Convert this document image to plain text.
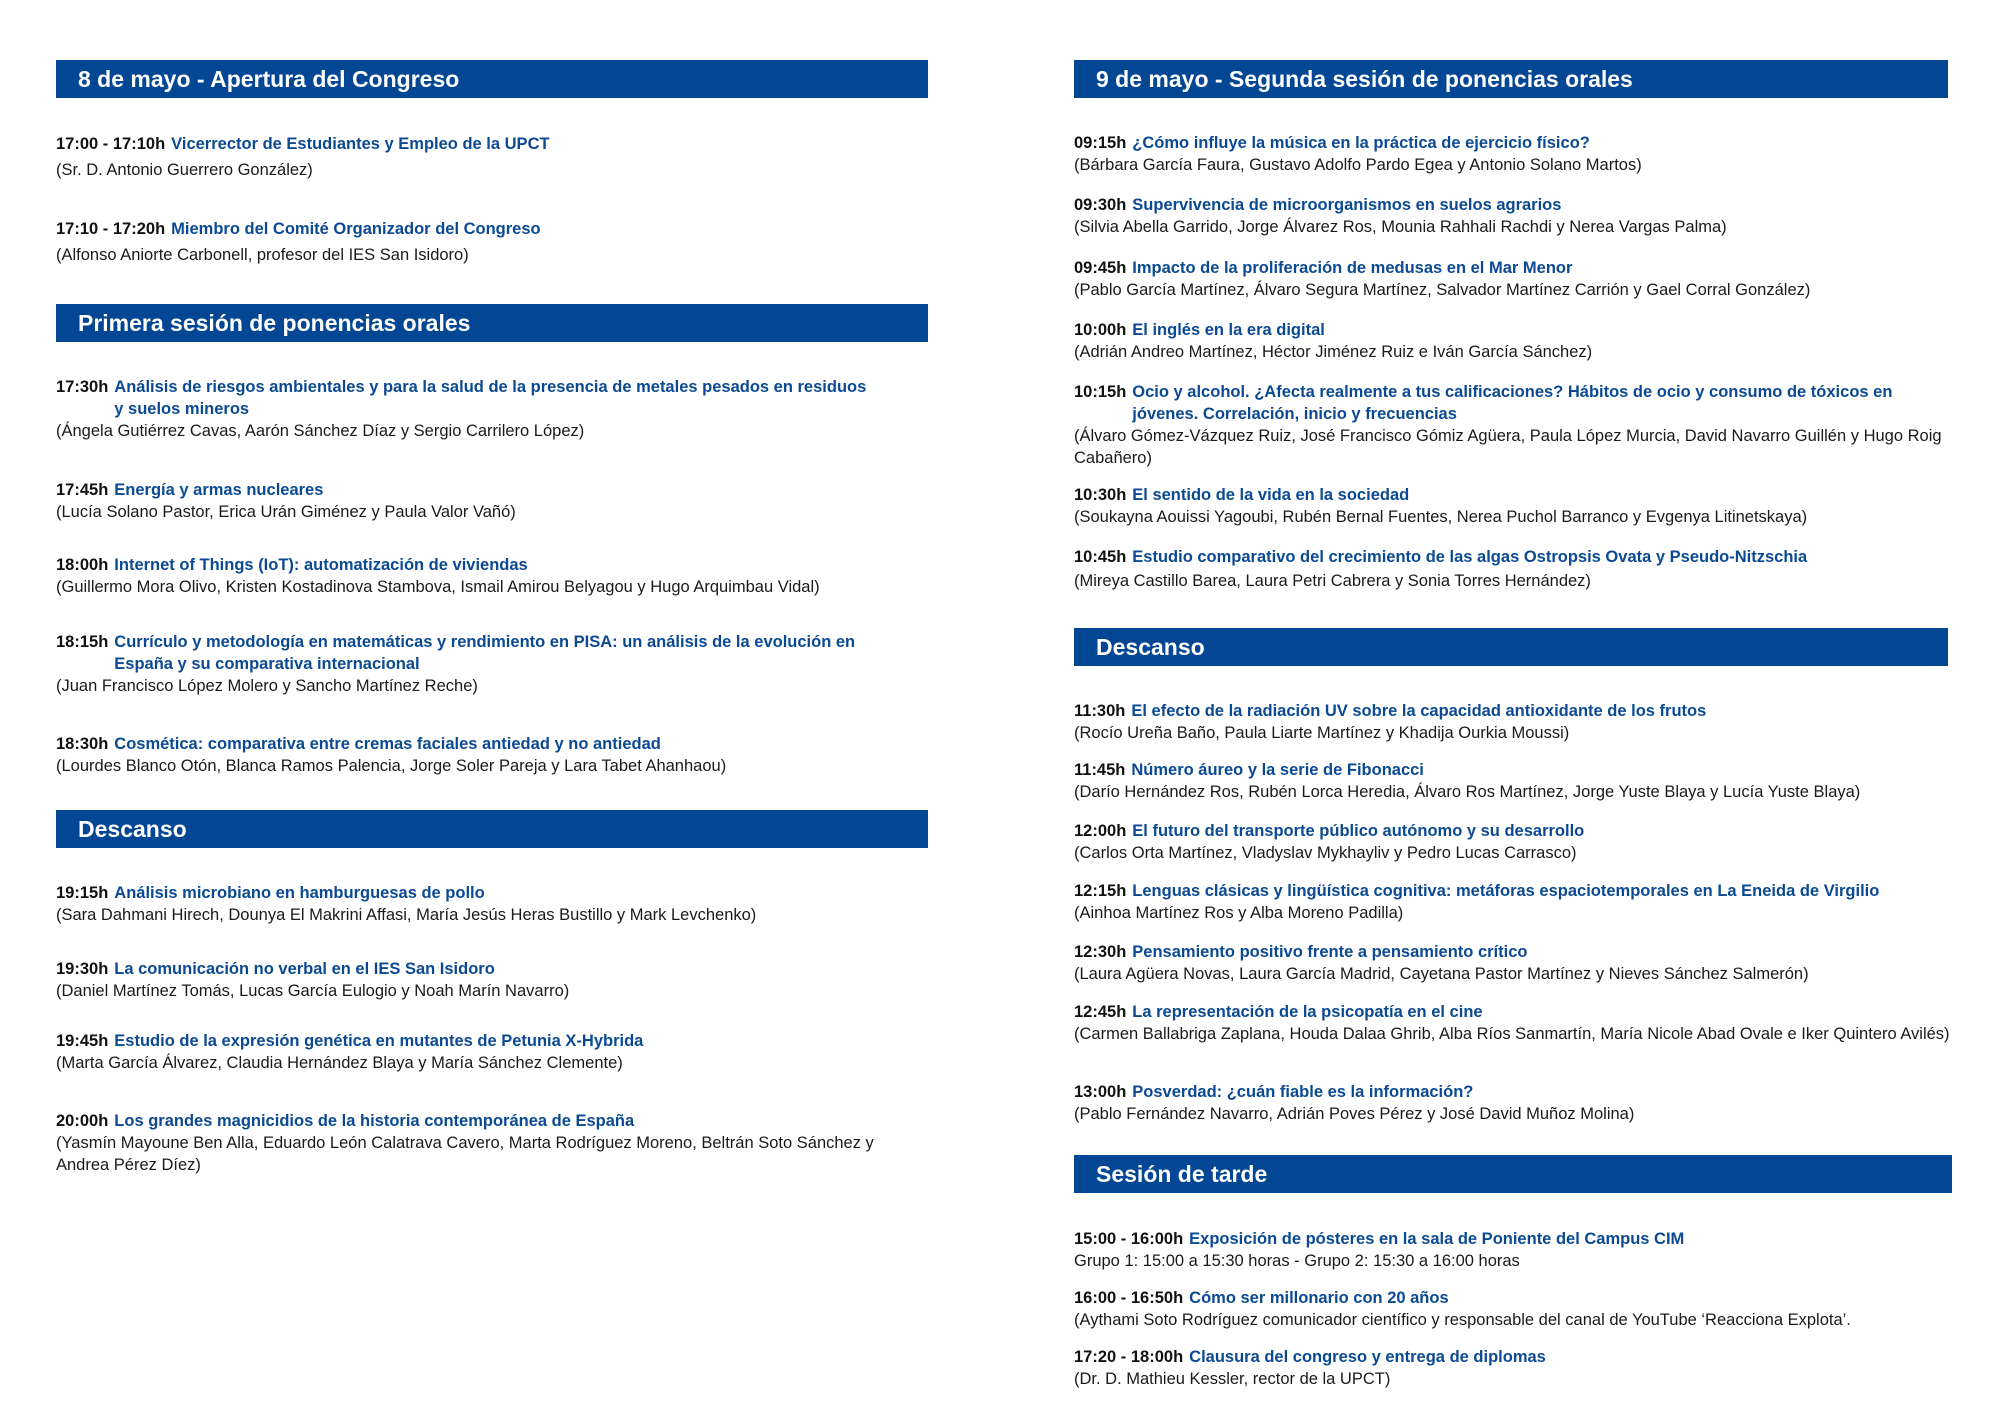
8 de mayo - Apertura del Congreso
17:00 - 17:10h Vicerrector de Estudiantes y Empleo de la UPCT
(Sr. D. Antonio Guerrero González)
17:10 - 17:20h Miembro del Comité Organizador del Congreso
(Alfonso Aniorte Carbonell, profesor del IES San Isidoro)
Primera sesión de ponencias orales
17:30h Análisis de riesgos ambientales y para la salud de la presencia de metales pesados en residuos y suelos mineros
(Ángela Gutiérrez Cavas, Aarón Sánchez Díaz y Sergio Carrilero López)
17:45h Energía y armas nucleares
(Lucía Solano Pastor, Erica Urán Giménez y Paula Valor Vañó)
18:00h Internet of Things (IoT): automatización de viviendas
(Guillermo Mora Olivo, Kristen Kostadinova Stambova, Ismail Amirou Belyagou y Hugo Arquimbau Vidal)
18:15h Currículo y metodología en matemáticas y rendimiento en PISA: un análisis de la evolución en España y su comparativa internacional
(Juan Francisco López Molero y Sancho Martínez Reche)
18:30h Cosmética: comparativa entre cremas faciales antiedad y no antiedad
(Lourdes Blanco Otón, Blanca Ramos Palencia, Jorge Soler Pareja y Lara Tabet Ahanhaou)
Descanso
19:15h Análisis microbiano en hamburguesas de pollo
(Sara Dahmani Hirech, Dounya El Makrini Affasi, María Jesús Heras Bustillo y Mark Levchenko)
19:30h La comunicación no verbal en el IES San Isidoro
(Daniel Martínez Tomás, Lucas García Eulogio y Noah Marín Navarro)
19:45h Estudio de la expresión genética en mutantes de Petunia X-Hybrida
(Marta García Álvarez, Claudia Hernández Blaya y María Sánchez Clemente)
20:00h Los grandes magnicidios de la historia contemporánea de España
(Yasmín Mayoune Ben Alla, Eduardo León Calatrava Cavero, Marta Rodríguez Moreno, Beltrán Soto Sánchez y Andrea Pérez Díez)
9 de mayo - Segunda sesión de ponencias orales
09:15h ¿Cómo influye la música en la práctica de ejercicio físico?
(Bárbara García Faura, Gustavo Adolfo Pardo Egea y Antonio Solano Martos)
09:30h Supervivencia de microorganismos en suelos agrarios
(Silvia Abella Garrido, Jorge Álvarez Ros, Mounia Rahhali Rachdi y Nerea Vargas Palma)
09:45h Impacto de la proliferación de medusas en el Mar Menor
(Pablo García Martínez, Álvaro Segura Martínez, Salvador Martínez Carrión y Gael Corral González)
10:00h El inglés en la era digital
(Adrián Andreo Martínez, Héctor Jiménez Ruiz e Iván García Sánchez)
10:15h Ocio y alcohol. ¿Afecta realmente a tus calificaciones? Hábitos de ocio y consumo de tóxicos en jóvenes. Correlación, inicio y frecuencias
(Álvaro Gómez-Vázquez Ruiz, José Francisco Gómiz Agüera, Paula López Murcia, David Navarro Guillén y Hugo Roig Cabañero)
10:30h El sentido de la vida en la sociedad
(Soukayna Aouissi Yagoubi, Rubén Bernal Fuentes, Nerea Puchol Barranco y Evgenya Litinetskaya)
10:45h Estudio comparativo del crecimiento de las algas Ostropsis Ovata y Pseudo-Nitzschia
(Mireya Castillo Barea, Laura Petri Cabrera y Sonia Torres Hernández)
Descanso
11:30h El efecto de la radiación UV sobre la capacidad antioxidante de los frutos
(Rocío Ureña Baño, Paula Liarte Martínez y Khadija Ourkia Moussi)
11:45h Número áureo y la serie de Fibonacci
(Darío Hernández Ros, Rubén Lorca Heredia, Álvaro Ros Martínez, Jorge Yuste Blaya y Lucía Yuste Blaya)
12:00h El futuro del transporte público autónomo y su desarrollo
(Carlos Orta Martínez, Vladyslav Mykhayliv y Pedro Lucas Carrasco)
12:15h Lenguas clásicas y lingüística cognitiva: metáforas espaciotemporales en La Eneida de Virgilio
(Ainhoa Martínez Ros y Alba Moreno Padilla)
12:30h Pensamiento positivo frente a pensamiento crítico
(Laura Agüera Novas, Laura García Madrid, Cayetana Pastor Martínez y Nieves Sánchez Salmerón)
12:45h La representación de la psicopatía en el cine
(Carmen Ballabriga Zaplana, Houda Dalaa Ghrib, Alba Ríos Sanmartín, María Nicole Abad Ovale e Iker Quintero Avilés)
13:00h Posverdad: ¿cuán fiable es la información?
(Pablo Fernández Navarro, Adrián Poves Pérez y José David Muñoz Molina)
Sesión de tarde
15:00 - 16:00h Exposición de pósteres en la sala de Poniente del Campus CIM
Grupo 1: 15:00 a 15:30 horas - Grupo 2: 15:30 a 16:00 horas
16:00 - 16:50h Cómo ser millonario con 20 años
(Aythami Soto Rodríguez comunicador científico y responsable del canal de YouTube ‘Reacciona Explota’.
17:20 - 18:00h Clausura del congreso y entrega de diplomas
(Dr. D. Mathieu Kessler, rector de la UPCT)
